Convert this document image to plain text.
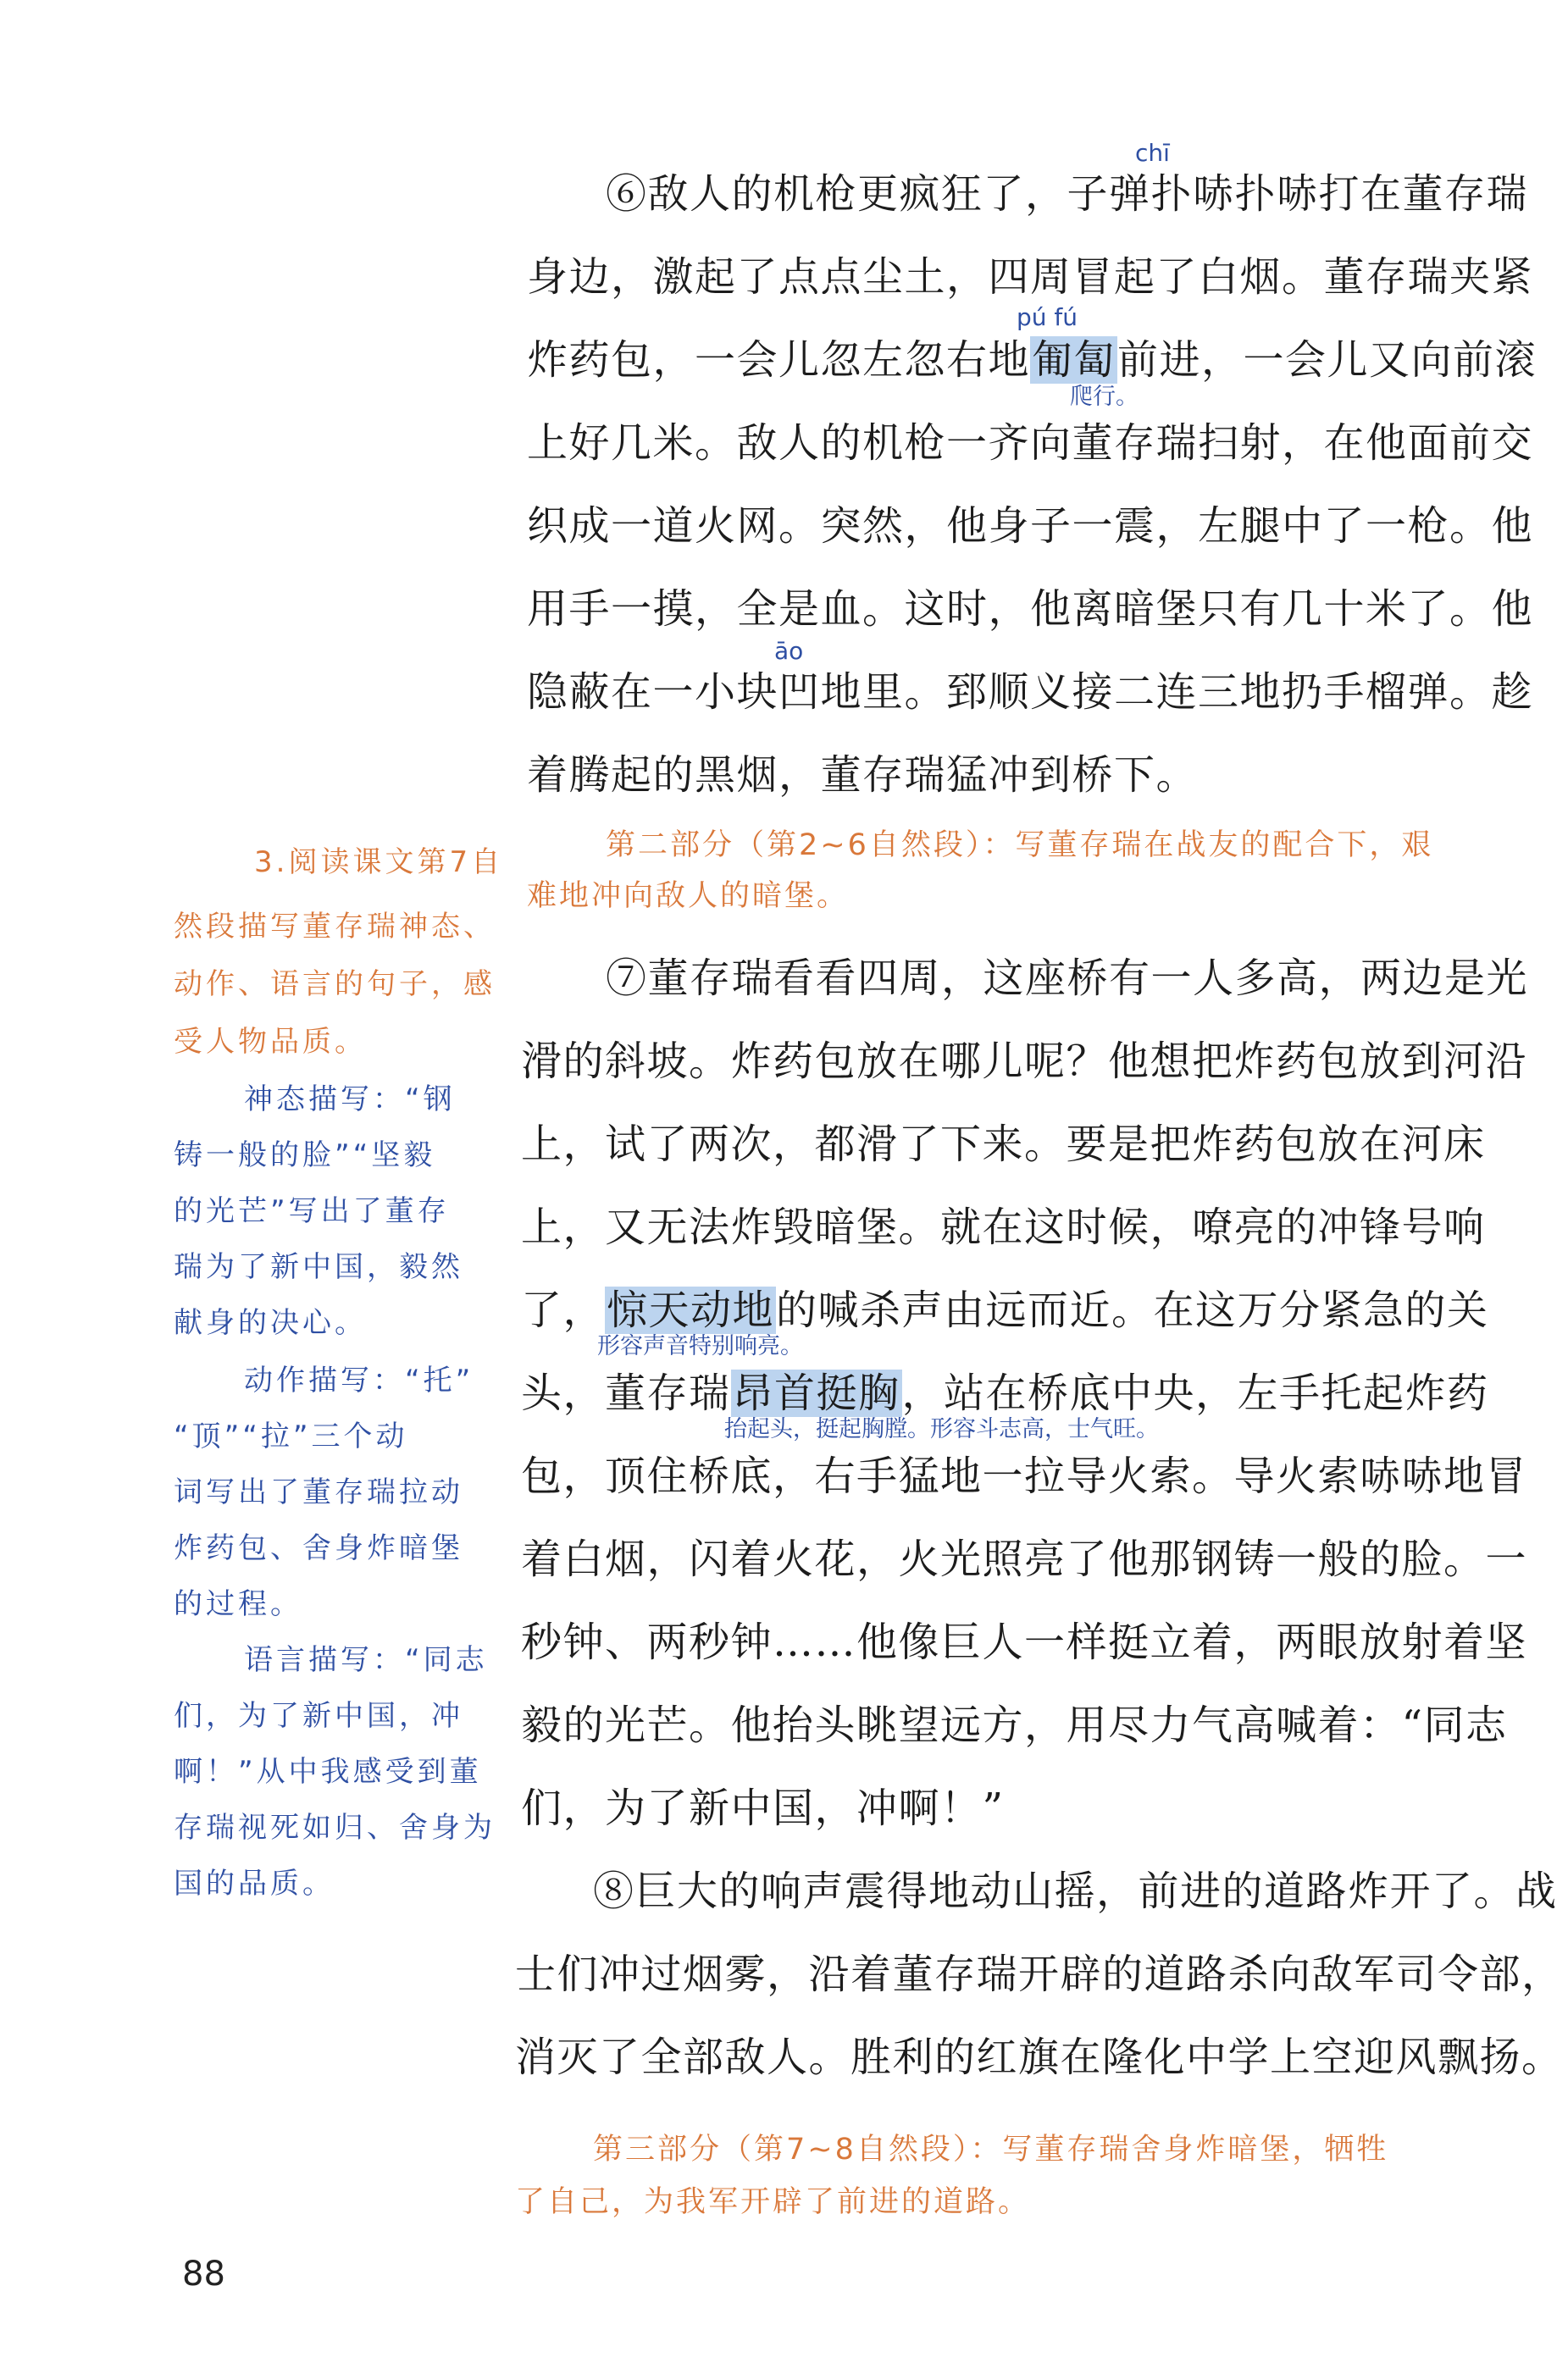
chī
⑥敌人的机枪更疯狂了，子弹扑哧扑哧打在董存瑞
身边，激起了点点尘土，四周冒起了白烟。董存瑞夹紧
pú fú
炸药包，一会儿忽左忽右地匍匐前进，一会儿又向前滚
爬行。
上好几米。敌人的机枪一齐向董存瑞扫射，在他面前交
织成一道火网。突然，他身子一震，左腿中了一枪。他
用手一摸，全是血。这时，他离暗堡只有几十米了。他
āo
隐蔽在一小块凹地里。郅顺义接二连三地扔手榴弹。趁
着腾起的黑烟，董存瑞猛冲到桥下。
第二部分（第2~6自然段）：写董存瑞在战友的配合下，艰
难地冲向敌人的暗堡。
3.阅读课文第7自
然段描写董存瑞神态、
动作、语言的句子，感
受人物品质。
神态描写：“钢
铸一般的脸”“坚毅
的光芒”写出了董存
瑞为了新中国，毅然
献身的决心。
动作描写：“托”
“顶”“拉”三个动
词写出了董存瑞拉动
炸药包、舍身炸暗堡
的过程。
语言描写：“同志
们，为了新中国，冲
啊！”从中我感受到董
存瑞视死如归、舍身为
国的品质。
⑦董存瑞看看四周，这座桥有一人多高，两边是光
滑的斜坡。炸药包放在哪儿呢？他想把炸药包放到河沿
上，试了两次，都滑了下来。要是把炸药包放在河床
上，又无法炸毁暗堡。就在这时候，嘹亮的冲锋号响
了，惊天动地的喊杀声由远而近。在这万分紧急的关
形容声音特别响亮。
头，董存瑞昂首挺胸，站在桥底中央，左手托起炸药
抬起头，挺起胸膛。形容斗志高，士气旺。
包，顶住桥底，右手猛地一拉导火索。导火索哧哧地冒
着白烟，闪着火花，火光照亮了他那钢铸一般的脸。一
秒钟、两秒钟……他像巨人一样挺立着，两眼放射着坚
毅的光芒。他抬头眺望远方，用尽力气高喊着：“同志
们，为了新中国，冲啊！”
⑧巨大的响声震得地动山摇，前进的道路炸开了。战
士们冲过烟雾，沿着董存瑞开辟的道路杀向敌军司令部，
消灭了全部敌人。胜利的红旗在隆化中学上空迎风飘扬。
第三部分（第7~8自然段）：写董存瑞舍身炸暗堡，牺牲
了自己，为我军开辟了前进的道路。
88
